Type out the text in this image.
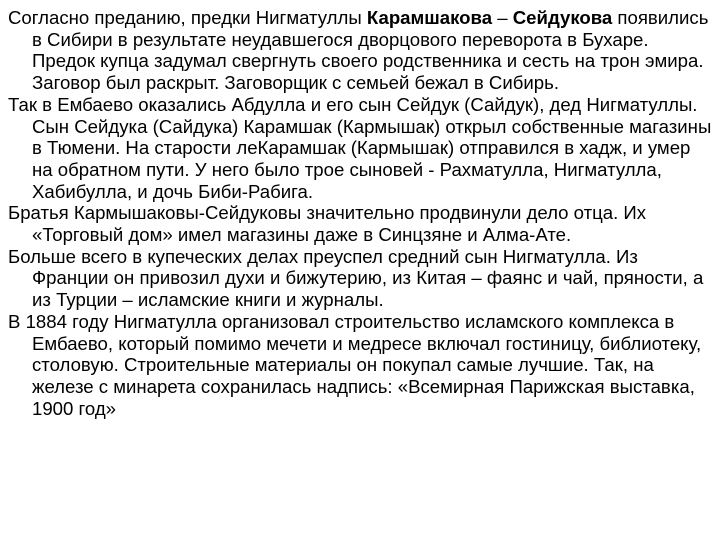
Согласно преданию, предки Нигматуллы Карамшакова – Сейдукова появились в Сибири в результате неудавшегося дворцового переворота в Бухаре. Предок купца задумал свергнуть своего родственника и сесть на трон эмира. Заговор был раскрыт. Заговорщик с семьей бежал в Сибирь.

Так в Ембаево оказались Абдулла и его сын Сейдук (Сайдук), дед Нигматуллы. Сын Сейдука (Сайдука) Карамшак (Кармышак) открыл собственные магазины в Тюмени. На старости леКарамшак (Кармышак) отправился в хадж, и умер на обратном пути. У него было трое сыновей - Рахматулла, Нигматулла, Хабибулла, и дочь Биби-Рабига.

Братья Кармышаковы-Сейдуковы значительно продвинули дело отца. Их «Торговый дом» имел магазины даже в Синцзяне и Алма-Ате.

Больше всего в купеческих делах преуспел средний сын Нигматулла. Из Франции он привозил духи и бижутерию, из Китая – фаянс и чай, пряности, а из Турции – исламские книги и журналы.

В 1884 году Нигматулла организовал строительство исламского комплекса в Ембаево, который помимо мечети и медресе включал гостиницу, библиотеку, столовую. Строительные материалы он покупал самые лучшие. Так, на железе с минарета сохранилась надпись: «Всемирная Парижская выставка, 1900 год»
